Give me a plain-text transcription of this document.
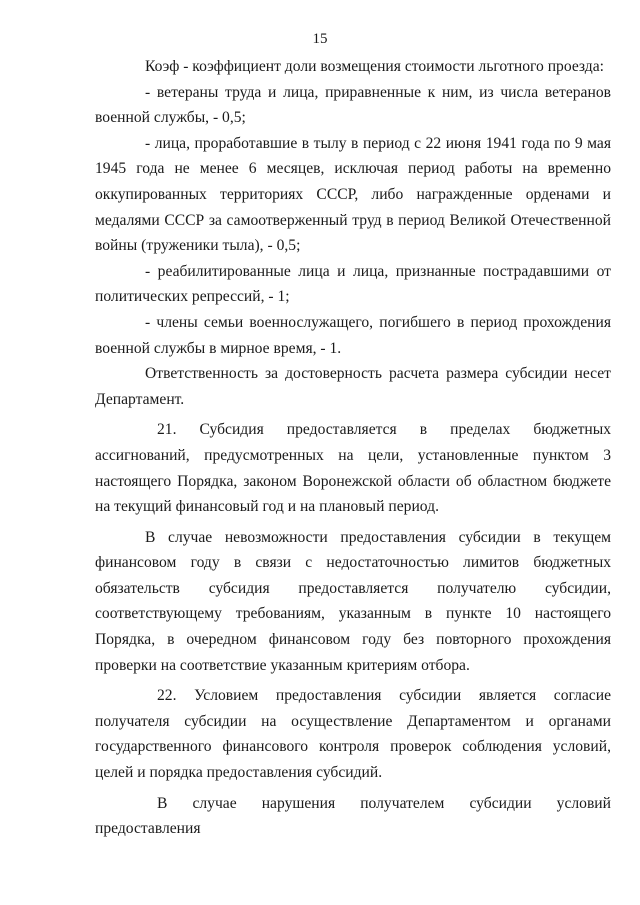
15

Коэф - коэффициент доли возмещения стоимости льготного проезда:

- ветераны труда и лица, приравненные к ним, из числа ветеранов военной службы, - 0,5;

- лица, проработавшие в тылу в период с 22 июня 1941 года по 9 мая 1945 года не менее 6 месяцев, исключая период работы на временно оккупированных территориях СССР, либо награжденные орденами и медалями СССР за самоотверженный труд в период Великой Отечественной войны (труженики тыла), - 0,5;

- реабилитированные лица и лица, признанные пострадавшими от политических репрессий, - 1;

- члены семьи военнослужащего, погибшего в период прохождения военной службы в мирное время, - 1.

Ответственность за достоверность расчета размера субсидии несет Департамент.

21. Субсидия предоставляется в пределах бюджетных ассигнований, предусмотренных на цели, установленные пунктом 3 настоящего Порядка, законом Воронежской области об областном бюджете на текущий финансовый год и на плановый период.

В случае невозможности предоставления субсидии в текущем финансовом году в связи с недостаточностью лимитов бюджетных обязательств субсидия предоставляется получателю субсидии, соответствующему требованиям, указанным в пункте 10 настоящего Порядка, в очередном финансовом году без повторного прохождения проверки на соответствие указанным критериям отбора.

22. Условием предоставления субсидии является согласие получателя субсидии на осуществление Департаментом и органами государственного финансового контроля проверок соблюдения условий, целей и порядка предоставления субсидий.

В случае нарушения получателем субсидии условий предоставления
